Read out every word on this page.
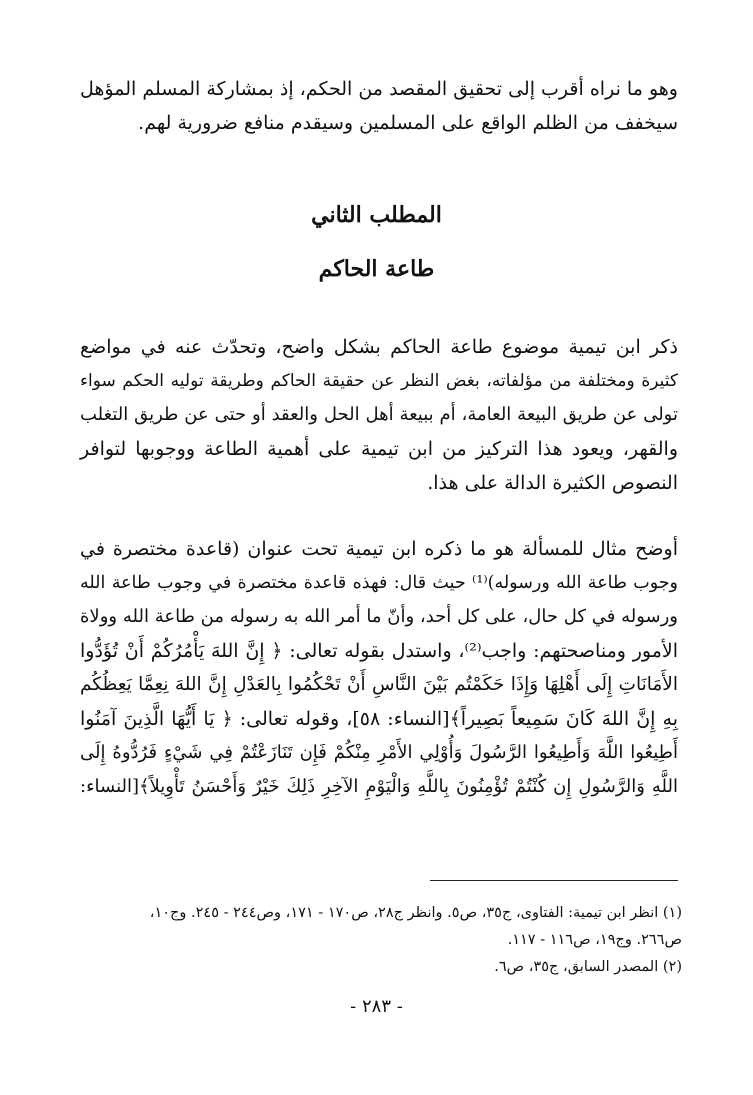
وهو ما نراه أقرب إلى تحقيق المقصد من الحكم، إذ بمشاركة المسلم المؤهل
سيخفف من الظلم الواقع على المسلمين وسيقدم منافع ضرورية لهم.
المطلب الثاني
طاعة الحاكم
ذكر ابن تيمية موضوع طاعة الحاكم بشكل واضح، وتحدّث عنه في مواضع
كثيرة ومختلفة من مؤلفاته، بغض النظر عن حقيقة الحاكم وطريقة توليه الحكم سواء
تولى عن طريق البيعة العامة، أم ببيعة أهل الحل والعقد أو حتى عن طريق التغلب
والقهر، ويعود هذا التركيز من ابن تيمية على أهمية الطاعة ووجوبها لتوافر
النصوص الكثيرة الدالة على هذا.
أوضح مثال للمسألة هو ما ذكره ابن تيمية تحت عنوان (قاعدة مختصرة في
وجوب طاعة الله ورسوله)⁽¹⁾ حيث قال: فهذه قاعدة مختصرة في وجوب طاعة الله
ورسوله في كل حال، على كل أحد، وأنّ ما أمر الله به رسوله من طاعة الله وولاة
الأمور ومناصحتهم: واجب⁽²⁾، واستدل بقوله تعالى: ﴿ إِنَّ اللهَ يَأْمُرُكُمْ أَنْ تُؤَدُّوا
الأَمَانَاتِ إِلَى أَهْلِهَا وَإِذَا حَكَمْتُم بَيْنَ النَّاسِ أَنْ تَحْكُمُوا بِالعَدْلِ إِنَّ اللهَ نِعِمَّا يَعِظُكُم
بِهِ إِنَّ اللهَ كَانَ سَمِيعاً بَصِيراً﴾[النساء: ٥٨]، وقوله تعالى: ﴿ يَا أَيُّهَا الَّذِينَ آمَنُوا
أَطِيعُوا اللَّهَ وَأَطِيعُوا الرَّسُولَ وَأُوْلِي الأَمْرِ مِنْكُمْ فَإِن تَنَازَعْتُمْ فِي شَيْءٍ فَرُدُّوهُ إِلَى
اللَّهِ وَالرَّسُولِ إِن كُنْتُمْ تُؤْمِنُونَ بِاللَّهِ وَالْيَوْمِ الآخِرِ ذَلِكَ خَيْرٌ وَأَحْسَنُ تَأْوِيلاً﴾[النساء:

(١) انظر ابن تيمية: الفتاوى، ج٣٥، ص٥. وانظر ج٢٨، ص١٧٠ - ١٧١، وص٢٤٤ - ٢٤٥. وج١٠،

ص٢٦٦. وج١٩، ص١١٦ - ١١٧.

(٢) المصدر السابق، ج٣٥، ص٦.

- ٢٨٣ -
